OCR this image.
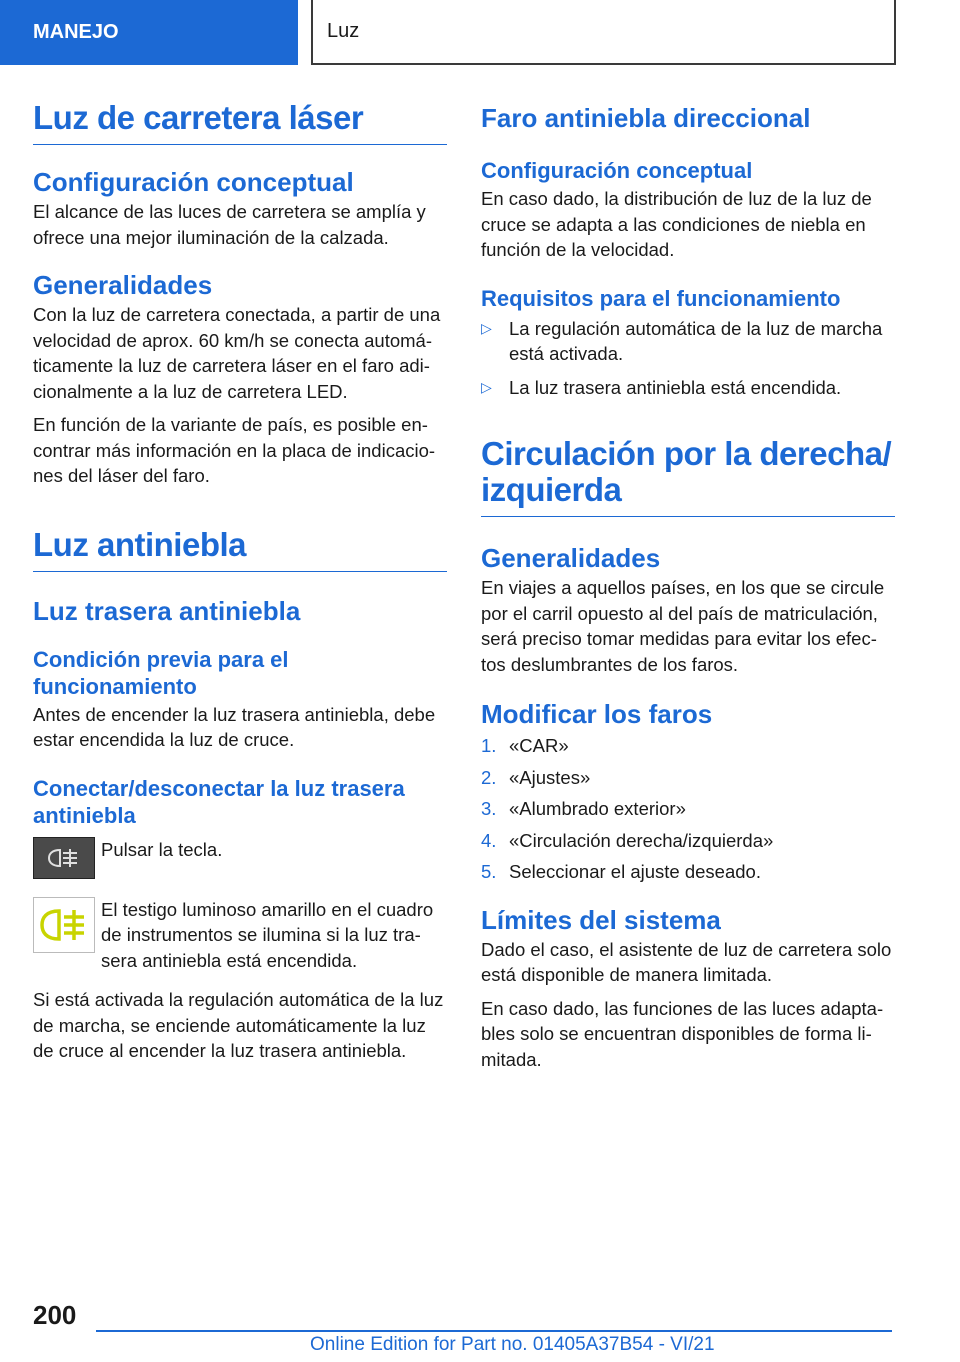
MANEJO	Luz
Luz de carretera láser
Configuración conceptual

El alcance de las luces de carretera se amplía y ofrece una mejor iluminación de la calzada.

Generalidades

Con la luz de carretera conectada, a partir de una velocidad de aprox. 60 km/h se conecta automáticamente la luz de carretera láser en el faro adicionalmente a la luz de carretera LED.

En función de la variante de país, es posible encontrar más información en la placa de indicaciones del láser del faro.

Luz antiniebla
Luz trasera antiniebla
Condición previa para el funcionamiento

Antes de encender la luz trasera antiniebla, debe estar encendida la luz de cruce.

Conectar/desconectar la luz trasera antiniebla

Pulsar la tecla.

El testigo luminoso amarillo en el cuadro de instrumentos se ilumina si la luz trasera antiniebla está encendida.

Si está activada la regulación automática de la luz de marcha, se enciende automáticamente la luz de cruce al encender la luz trasera antiniebla.

Faro antiniebla direccional
Configuración conceptual

En caso dado, la distribución de luz de la luz de cruce se adapta a las condiciones de niebla en función de la velocidad.

Requisitos para el funcionamiento
▷ La regulación automática de la luz de marcha está activada.
▷ La luz trasera antiniebla está encendida.
Circulación por la derecha/ izquierda
Generalidades

En viajes a aquellos países, en los que se circule por el carril opuesto al del país de matriculación, será preciso tomar medidas para evitar los efectos deslumbrantes de los faros.

Modificar los faros
1. «CAR»
2. «Ajustes»
3. «Alumbrado exterior»
4. «Circulación derecha/izquierda»
5. Seleccionar el ajuste deseado.
Límites del sistema

Dado el caso, el asistente de luz de carretera solo está disponible de manera limitada.

En caso dado, las funciones de las luces adaptables solo se encuentran disponibles de forma limitada.

200
Online Edition for Part no. 01405A37B54 - VI/21
